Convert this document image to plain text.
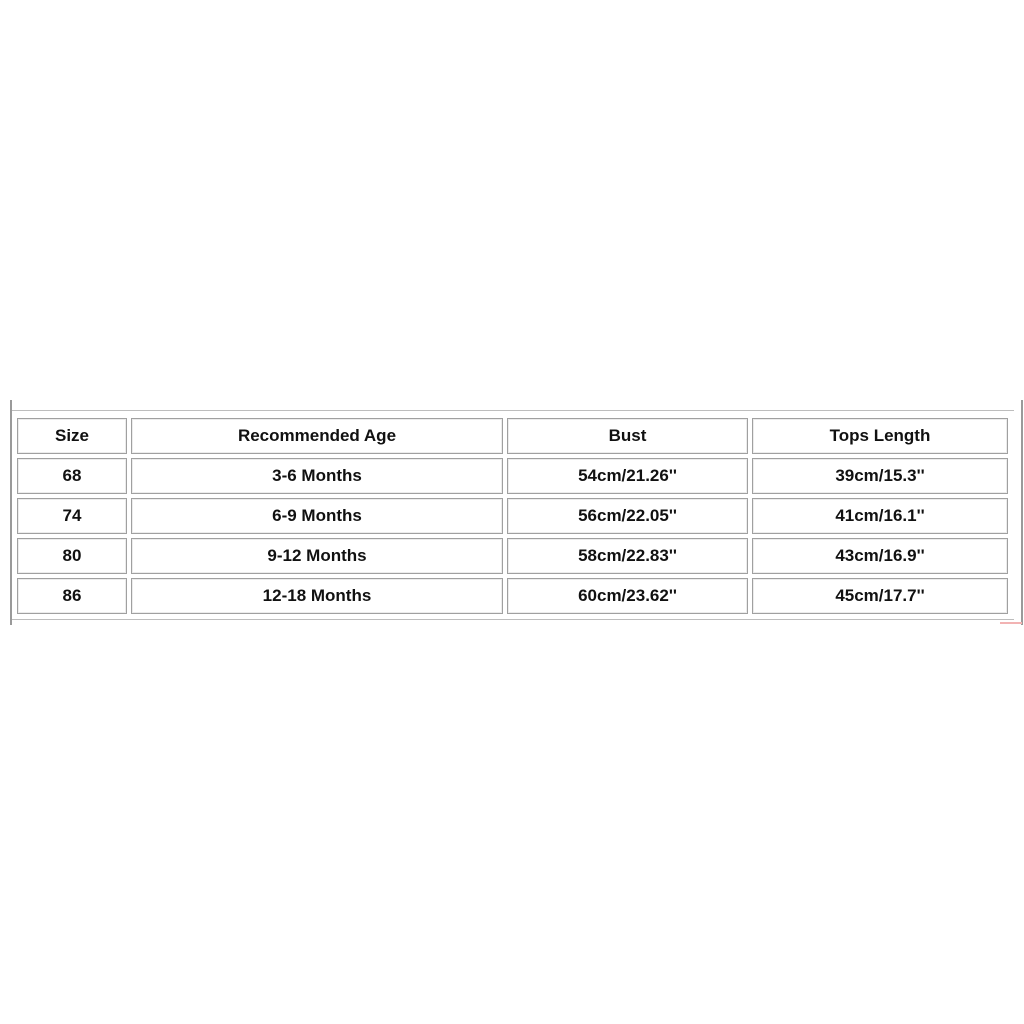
Size	Recommended Age	Bust	Tops Length
68	3-6 Months	54cm/21.26''	39cm/15.3''
74	6-9 Months	56cm/22.05''	41cm/16.1''
80	9-12 Months	58cm/22.83''	43cm/16.9''
86	12-18 Months	60cm/23.62''	45cm/17.7''
